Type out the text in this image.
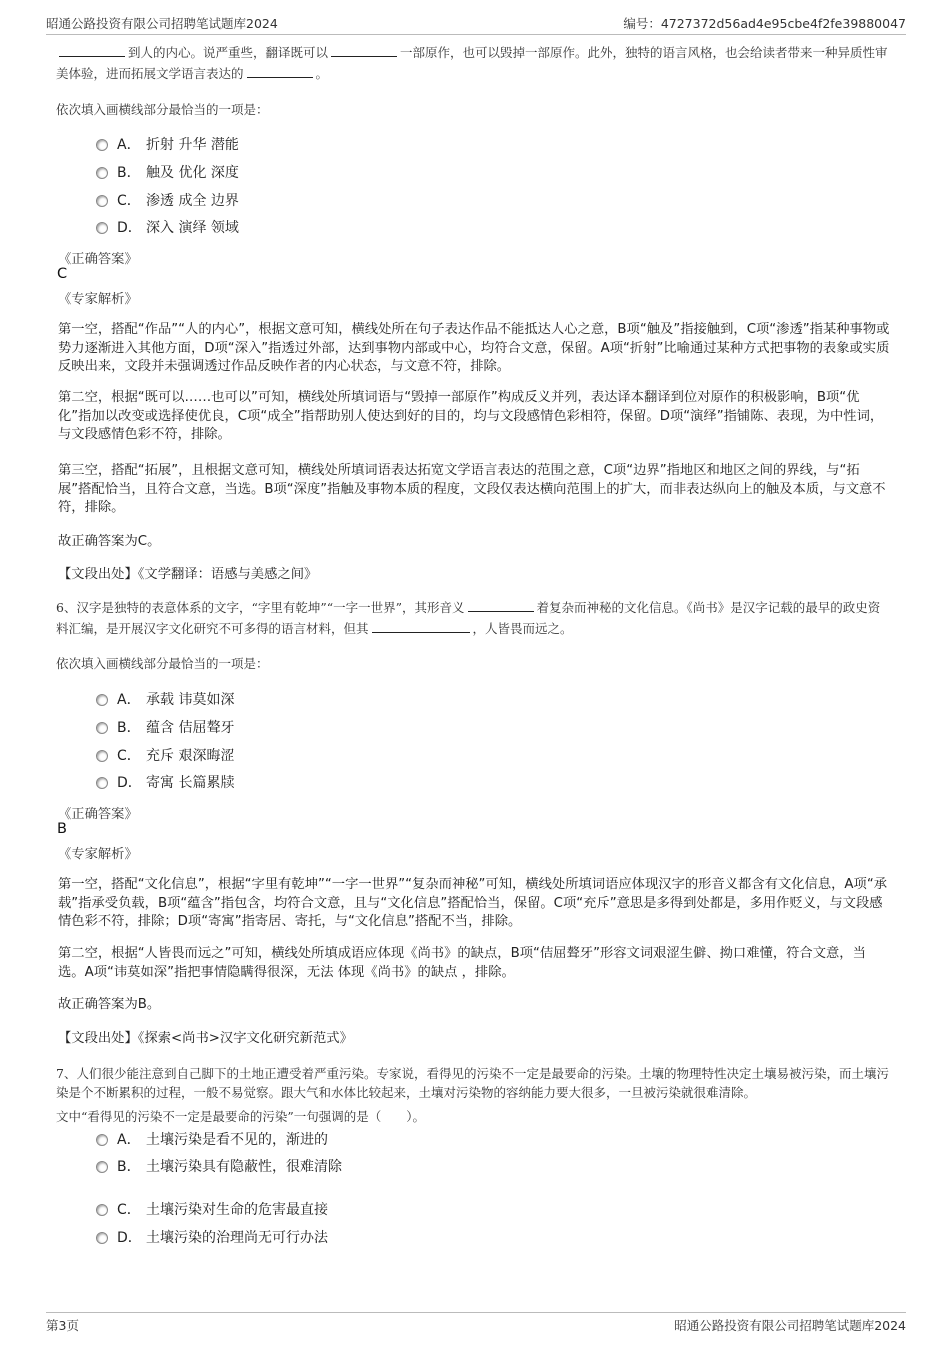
昭通公路投资有限公司招聘笔试题库2024	编号：4727372d56ad4e95cbe4f2fe39880047
到人的内心。说严重些，翻译既可以	一部原作，也可以毁掉一部原作。此外，独特的语言风格，也会给读者带来一种异质性审美体验，进而拓展文学语言表达的	。
依次填入画横线部分最恰当的一项是：
A． 折射 升华 潜能
B． 触及 优化 深度
C． 渗透 成全 边界
D． 深入 演绎 领域
《正确答案》
C
《专家解析》
第一空，搭配“作品”“人的内心”，根据文意可知，横线处所在句子表达作品不能抵达人心之意，B项“触及”指接触到，C项“渗透”指某种事物或势力逐渐进入其他方面，D项“深入”指透过外部，达到事物内部或中心，均符合文意，保留。A项“折射”比喻通过某种方式把事物的表象或实质反映出来，文段并未强调透过作品反映作者的内心状态，与文意不符，排除。
第二空，根据“既可以……也可以”可知，横线处所填词语与“毁掉一部原作”构成反义并列，表达译本翻译到位对原作的积极影响，B项“优化”指加以改变或选择使优良，C项“成全”指帮助别人使达到好的目的，均与文段感情色彩相符，保留。D项“演绎”指铺陈、表现，为中性词，与文段感情色彩不符，排除。
第三空，搭配“拓展”，且根据文意可知，横线处所填词语表达拓宽文学语言表达的范围之意，C项“边界”指地区和地区之间的界线，与“拓展”搭配恰当，且符合文意，当选。B项“深度”指触及事物本质的程度，文段仅表达横向范围上的扩大，而非表达纵向上的触及本质，与文意不符，排除。
故正确答案为C。
【文段出处】《文学翻译：语感与美感之间》
6、汉字是独特的表意体系的文字，“字里有乾坤”“一字一世界”，其形音义	着复杂而神秘的文化信息。《尚书》是汉字记载的最早的政史资料汇编，是开展汉字文化研究不可多得的语言材料，但其	，人皆畏而远之。
依次填入画横线部分最恰当的一项是：
A． 承载 讳莫如深
B． 蕴含 佶屈聱牙
C． 充斥 艰深晦涩
D． 寄寓 长篇累牍
《正确答案》
B
《专家解析》
第一空，搭配“文化信息”，根据“字里有乾坤”“一字一世界”“复杂而神秘”可知，横线处所填词语应体现汉字的形音义都含有文化信息，A项“承载”指承受负载，B项“蕴含”指包含，均符合文意，且与“文化信息”搭配恰当，保留。C项“充斥”意思是多得到处都是，多用作贬义，与文段感情色彩不符，排除；D项“寄寓”指寄居、寄托，与“文化信息”搭配不当，排除。
第二空，根据“人皆畏而远之”可知，横线处所填成语应体现《尚书》的缺点，B项“佶屈聱牙”形容文词艰涩生僻、拗口难懂，符合文意，当选。A项“讳莫如深”指把事情隐瞒得很深，无法 体现《尚书》的缺点 ，排除。
故正确答案为B。
【文段出处】《探索<尚书>汉字文化研究新范式》
7、人们很少能注意到自己脚下的土地正遭受着严重污染。专家说，看得见的污染不一定是最要命的污染。土壤的物理特性决定土壤易被污染，而土壤污染是个不断累积的过程，一般不易觉察。跟大气和水体比较起来，土壤对污染物的容纳能力要大很多，一旦被污染就很难清除。
文中“看得见的污染不一定是最要命的污染”一句强调的是（　　）。
A． 土壤污染是看不见的，渐进的
B． 土壤污染具有隐蔽性，很难清除
C． 土壤污染对生命的危害最直接
D． 土壤污染的治理尚无可行办法
第3页	昭通公路投资有限公司招聘笔试题库2024
